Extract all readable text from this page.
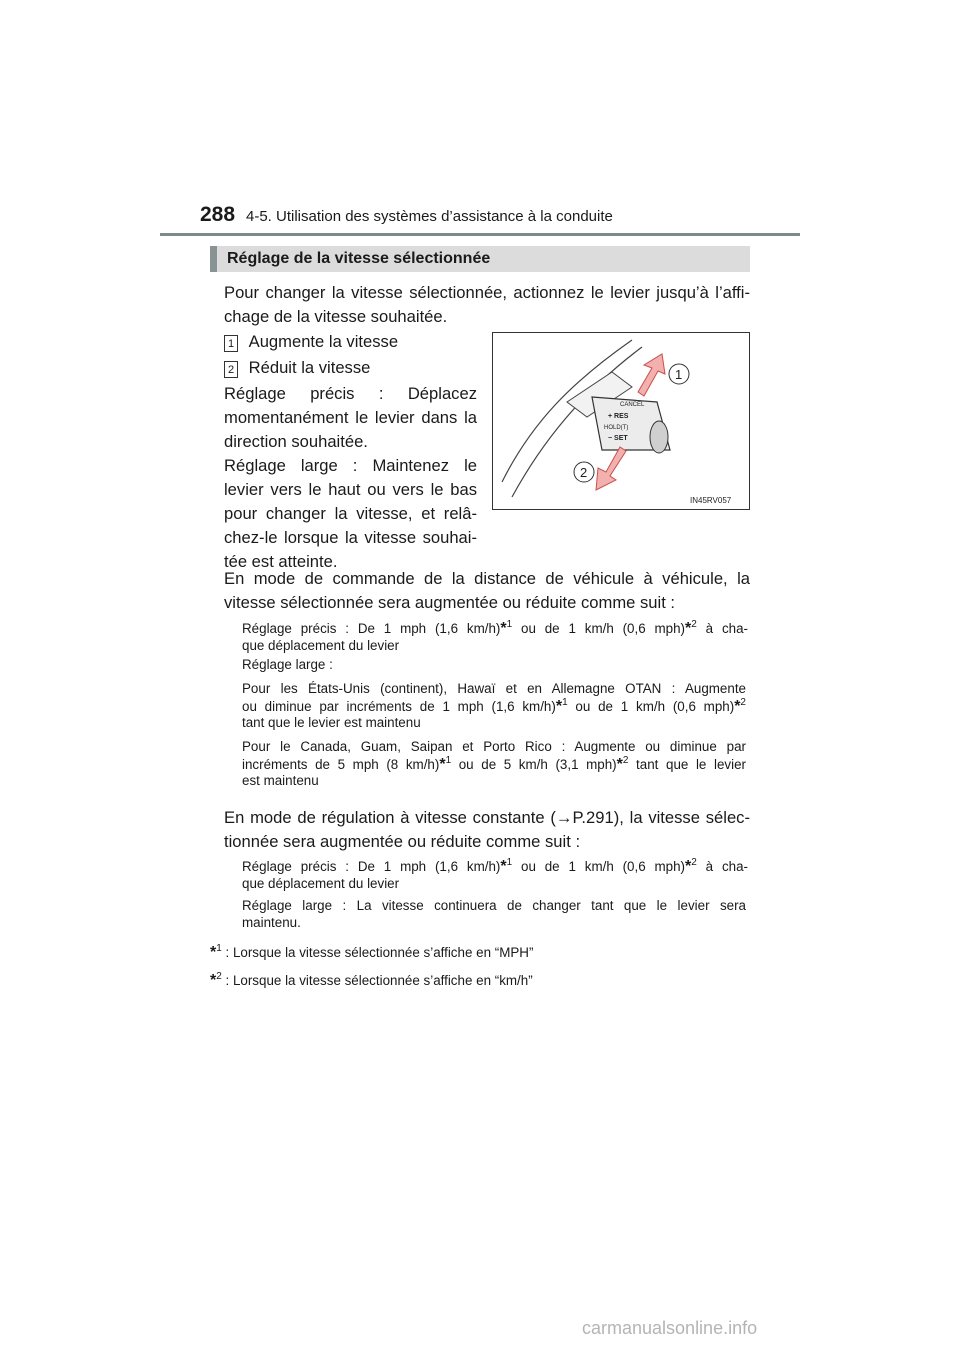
288 4-5. Utilisation des systèmes d’assistance à la conduite
Réglage de la vitesse sélectionnée
Pour changer la vitesse sélectionnée, actionnez le levier jusqu’à l’affi-
chage de la vitesse souhaitée.
1 Augmente la vitesse
2 Réduit la vitesse
Réglage précis : Déplacez
momentanément le levier dans la
direction souhaitée.
Réglage large : Maintenez le
levier vers le haut ou vers le bas
pour changer la vitesse, et relâ-
chez-le lorsque la vitesse souhai-
tée est atteinte.
CANCEL
+ RES
HOLD(T)
− SET
1
2
IN45RV057
En mode de commande de la distance de véhicule à véhicule, la
vitesse sélectionnée sera augmentée ou réduite comme suit :
Réglage précis : De 1 mph (1,6 km/h)*$^1$ ou de 1 km/h (0,6 mph)*$^2$ à cha-
que déplacement du levier
Réglage large :
Pour les États-Unis (continent), Hawaï et en Allemagne OTAN : Augmente
ou diminue par incréments de 1 mph (1,6 km/h)*$^1$ ou de 1 km/h (0,6 mph)*$^2$
tant que le levier est maintenu
Pour le Canada, Guam, Saipan et Porto Rico : Augmente ou diminue par
incréments de 5 mph (8 km/h)*$^1$ ou de 5 km/h (3,1 mph)*$^2$ tant que le levier
est maintenu
En mode de régulation à vitesse constante (→P.291), la vitesse sélec-
tionnée sera augmentée ou réduite comme suit :
Réglage précis : De 1 mph (1,6 km/h)*$^1$ ou de 1 km/h (0,6 mph)*$^2$ à cha-
que déplacement du levier
Réglage large : La vitesse continuera de changer tant que le levier sera
maintenu.
*$^1$ : Lorsque la vitesse sélectionnée s’affiche en “MPH”
*$^2$ : Lorsque la vitesse sélectionnée s’affiche en “km/h”
carmanualsonline.info
